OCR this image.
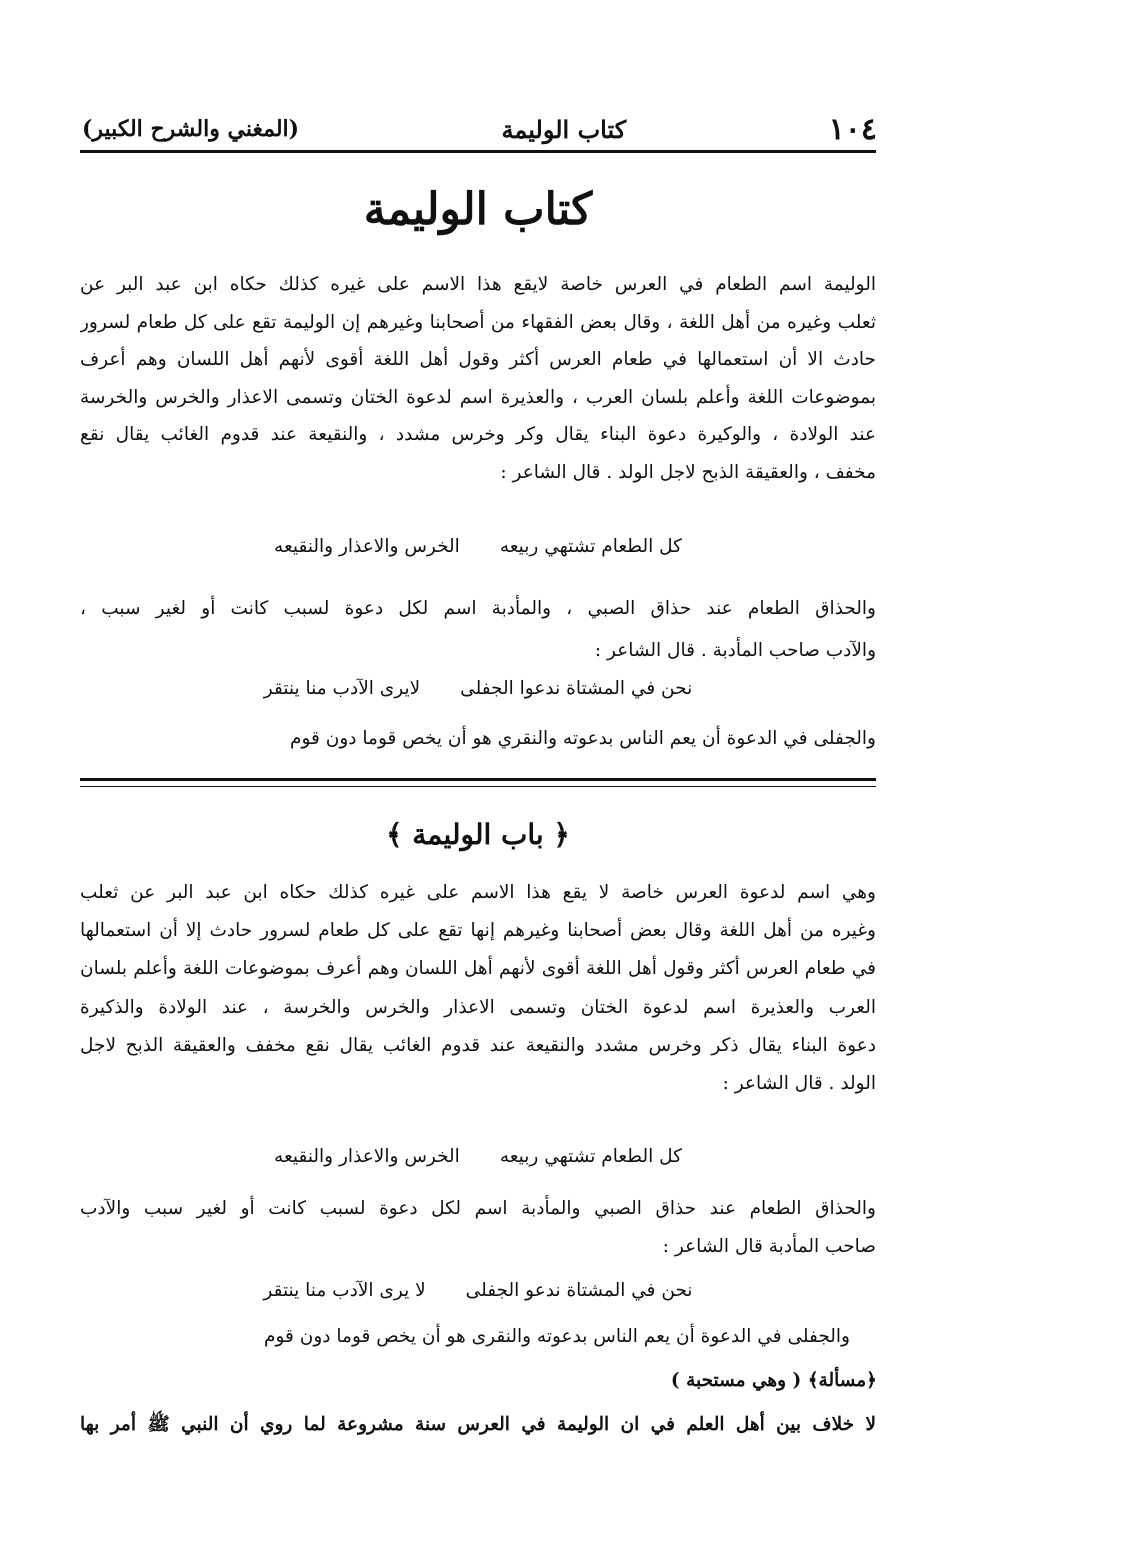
١٠٤
كتاب الوليمة
(المغني والشرح الكبير)
كتاب الوليمة
الوليمة اسم الطعام في العرس خاصة لايقع هذا الاسم على غيره كذلك حكاه ابن عبد البر عن
ثعلب وغيره من أهل اللغة ، وقال بعض الفقهاء من أصحابنا وغيرهم إن الوليمة تقع على كل طعام لسرور
حادث الا أن استعمالها في طعام العرس أكثر وقول أهل اللغة أقوى لأنهم أهل اللسان وهم أعرف
بموضوعات اللغة وأعلم بلسان العرب ، والعذيرة اسم لدعوة الختان وتسمى الاعذار والخرس والخرسة
عند الولادة ، والوكيرة دعوة البناء يقال وكر وخرس مشدد ، والنقيعة عند قدوم الغائب يقال نقع
مخفف ، والعقيقة الذبح لاجل الولد . قال الشاعر :
كل الطعام تشتهي ربيعهالخرس والاعذار والنقيعه
والحذاق الطعام عند حذاق الصبي ، والمأدبة اسم لكل دعوة لسبب كانت أو لغير سبب ،
والآدب صاحب المأدبة . قال الشاعر :
نحن في المشتاة ندعوا الجفلىلايرى الآدب منا ينتقر
والجفلى في الدعوة أن يعم الناس بدعوته والنقري هو أن يخص قوما دون قوم
﴿ باب الوليمة ﴾
وهي اسم لدعوة العرس خاصة لا يقع هذا الاسم على غيره كذلك حكاه ابن عبد البر عن ثعلب
وغيره من أهل اللغة وقال بعض أصحابنا وغيرهم إنها تقع على كل طعام لسرور حادث إلا أن استعمالها
في طعام العرس أكثر وقول أهل اللغة أقوى لأنهم أهل اللسان وهم أعرف بموضوعات اللغة وأعلم بلسان
العرب والعذيرة اسم لدعوة الختان وتسمى الاعذار والخرس والخرسة ، عند الولادة والذكيرة
دعوة البناء يقال ذكر وخرس مشدد والنقيعة عند قدوم الغائب يقال نقع مخفف والعقيقة الذبح لاجل
الولد . قال الشاعر :
كل الطعام تشتهي ربيعهالخرس والاعذار والنقيعه
والحذاق الطعام عند حذاق الصبي والمأدبة اسم لكل دعوة لسبب كانت أو لغير سبب والآدب
صاحب المأدبة قال الشاعر :
نحن في المشتاة ندعو الجفلىلا يرى الآدب منا ينتقر
والجفلى في الدعوة أن يعم الناس بدعوته والنقرى هو أن يخص قوما دون قوم
﴿مسألة﴾ ( وهي مستحبة )
لا خلاف بين أهل العلم في ان الوليمة في العرس سنة مشروعة لما روي أن النبي ﷺ أمر بها
